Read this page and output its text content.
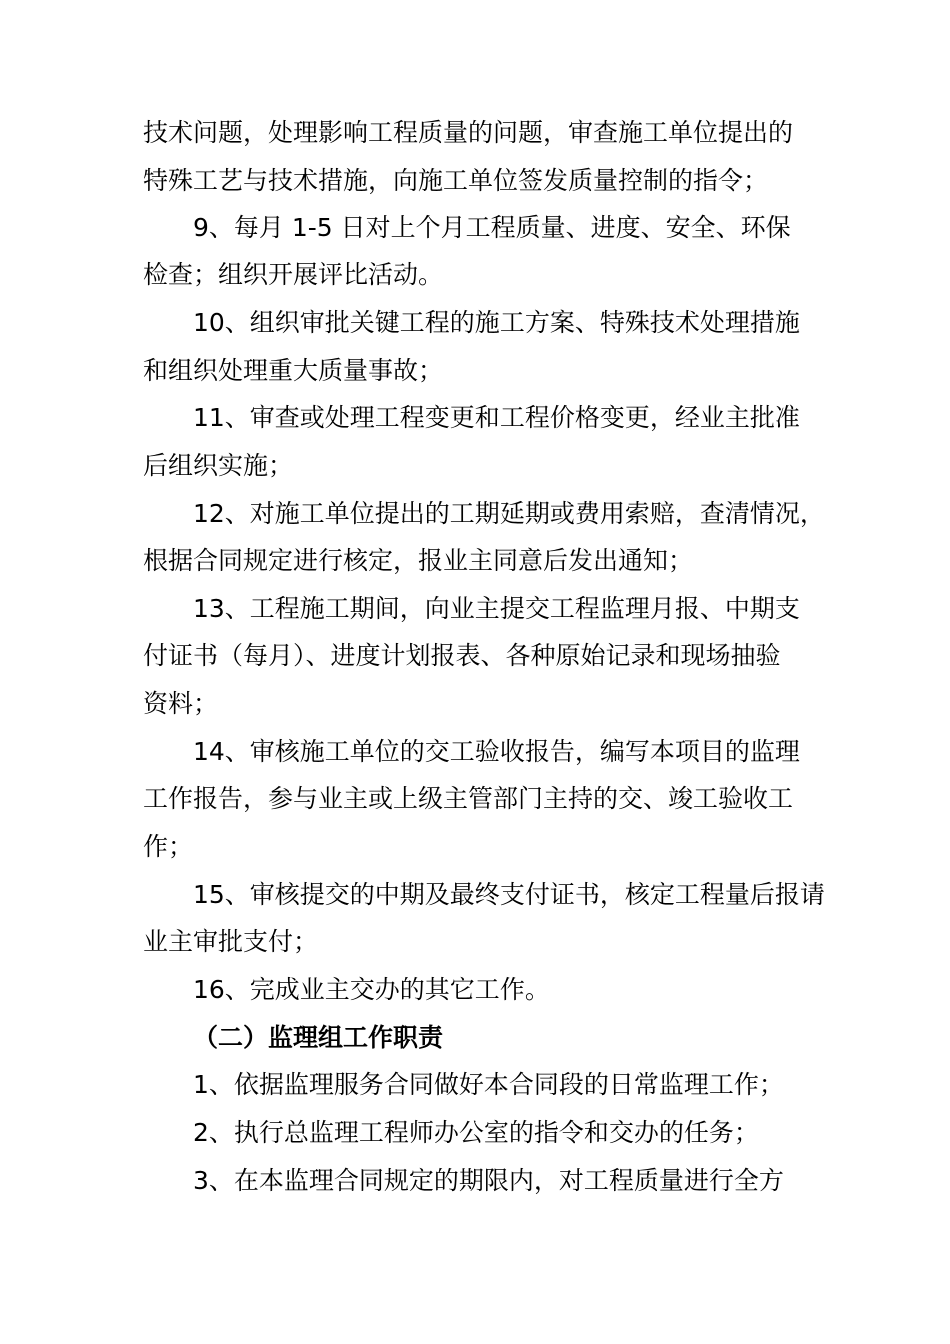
技术问题，处理影响工程质量的问题，审查施工单位提出的
特殊工艺与技术措施，向施工单位签发质量控制的指令；
9、每月 1-5 日对上个月工程质量、进度、安全、环保
检查；组织开展评比活动。
10、组织审批关键工程的施工方案、特殊技术处理措施
和组织处理重大质量事故；
11、审查或处理工程变更和工程价格变更，经业主批准
后组织实施；
12、对施工单位提出的工期延期或费用索赔，查清情况，
根据合同规定进行核定，报业主同意后发出通知；
13、工程施工期间，向业主提交工程监理月报、中期支
付证书（每月）、进度计划报表、各种原始记录和现场抽验
资料；
14、审核施工单位的交工验收报告，编写本项目的监理
工作报告，参与业主或上级主管部门主持的交、竣工验收工
作；
15、审核提交的中期及最终支付证书，核定工程量后报请
业主审批支付；
16、完成业主交办的其它工作。
（二）监理组工作职责
1、依据监理服务合同做好本合同段的日常监理工作；
2、执行总监理工程师办公室的指令和交办的任务；
3、在本监理合同规定的期限内，对工程质量进行全方
